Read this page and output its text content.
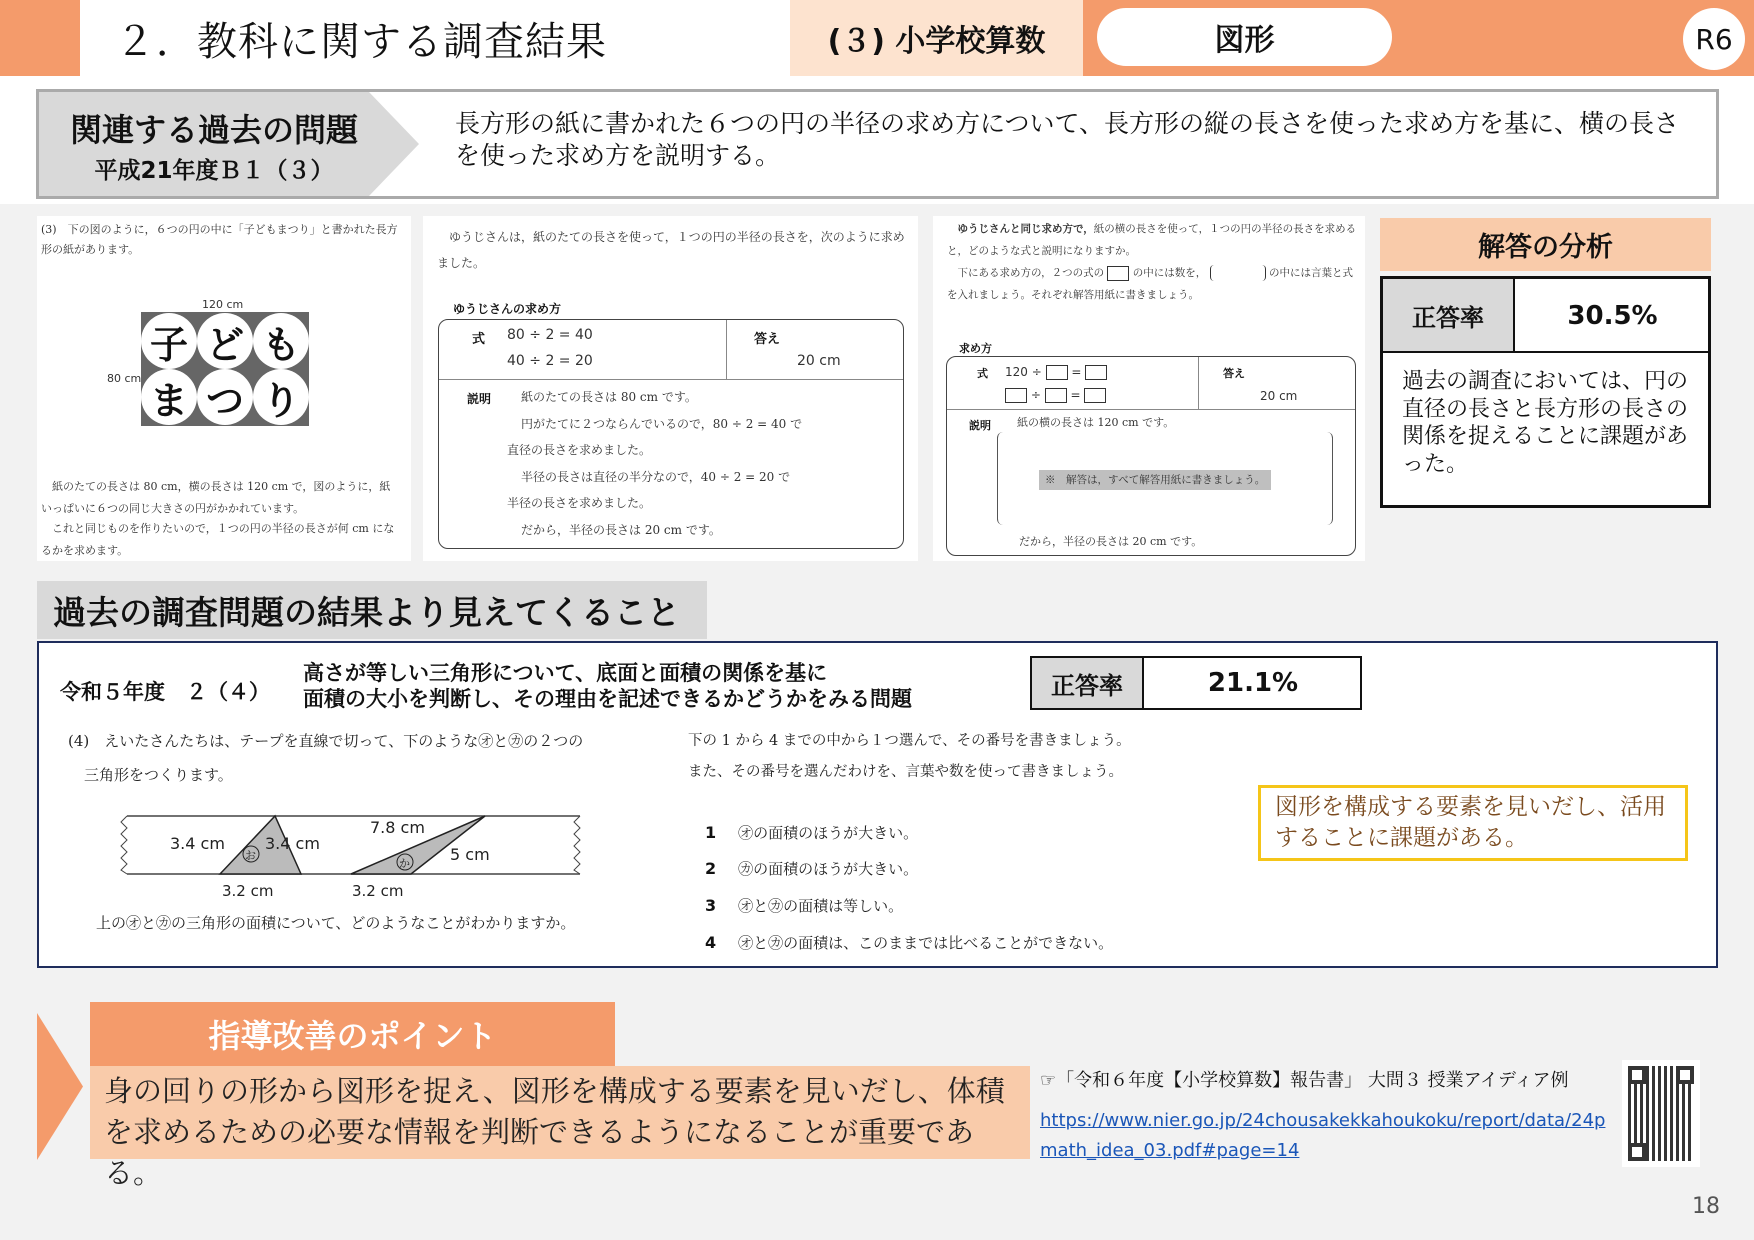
２．教科に関する調査結果	(３) 小学校算数	図形	R6
関連する過去の問題
平成21年度Ｂ１（３）
長方形の紙に書かれた６つの円の半径の求め方について、長方形の縦の長さを使った求め方を基に、横の長さを使った求め方を説明する。
(3)　下の図のように，６つの円の中に「子どもまつり」と書かれた長方形の紙があります。
120 cm
80 cm
子 ど も
ま つ り
紙のたての長さは 80 cm，横の長さは 120 cm で，図のように，紙いっぱいに６つの同じ大きさの円がかかれています。
これと同じものを作りたいので，１つの円の半径の長さが何 cm になるかを求めます。
ゆうじさんは，紙のたての長さを使って，１つの円の半径の長さを，次のように求めました。
ゆうじさんの求め方
式 80 ÷ 2 = 40
40 ÷ 2 = 20
答え
20 cm
説明 紙のたての長さは 80 cm です。
円がたてに２つならんでいるので，80 ÷ 2 = 40 で
直径の長さを求めました。
半径の長さは直径の半分なので，40 ÷ 2 = 20 で
半径の長さを求めました。
だから，半径の長さは 20 cm です。
ゆうじさんと同じ求め方で，紙の横の長さを使って，１つの円の半径の長さを求めると，どのような式と説明になりますか。
下にある求め方の，２つの式の	の中には数を，	の中には言葉と式を入れましょう。それぞれ解答用紙に書きましょう。
求め方
式 120 ÷  =
÷  =
答え
20 cm
説明 紙の横の長さは 120 cm です。
※　解答は，すべて解答用紙に書きましょう。
だから，半径の長さは 20 cm です。
解答の分析
正答率	30.5%
過去の調査においては、円の直径の長さと長方形の長さの関係を捉えることに課題があった。
過去の調査問題の結果より見えてくること
令和５年度　２（４）
高さが等しい三角形について、底面と面積の関係を基に
面積の大小を判断し、その理由を記述できるかどうかをみる問題	正答率	21.1%
(4)　えいたさんたちは、テープを直線で切って、下のような㋔と㋕の２つの
三角形をつくります。
3.4 cm	3.4 cm
3.2 cm
7.8 cm
5 cm
3.2 cm
お
か
上の㋔と㋕の三角形の面積について、どのようなことがわかりますか。
下の 1 から 4 までの中から１つ選んで、その番号を書きましょう。
また、その番号を選んだわけを、言葉や数を使って書きましょう。
1 ㋔の面積のほうが大きい。
2 ㋕の面積のほうが大きい。
3 ㋔と㋕の面積は等しい。
4 ㋔と㋕の面積は、このままでは比べることができない。
図形を構成する要素を見いだし、活用することに課題がある。
指導改善のポイント
身の回りの形から図形を捉え、図形を構成する要素を見いだし、体積を求めるための必要な情報を判断できるようになることが重要である。
☞「令和６年度【小学校算数】報告書」 大問３ 授業アイディア例
https://www.nier.go.jp/24chousakekkahoukoku/report/data/24pmath_idea_03.pdf#page=14
18
